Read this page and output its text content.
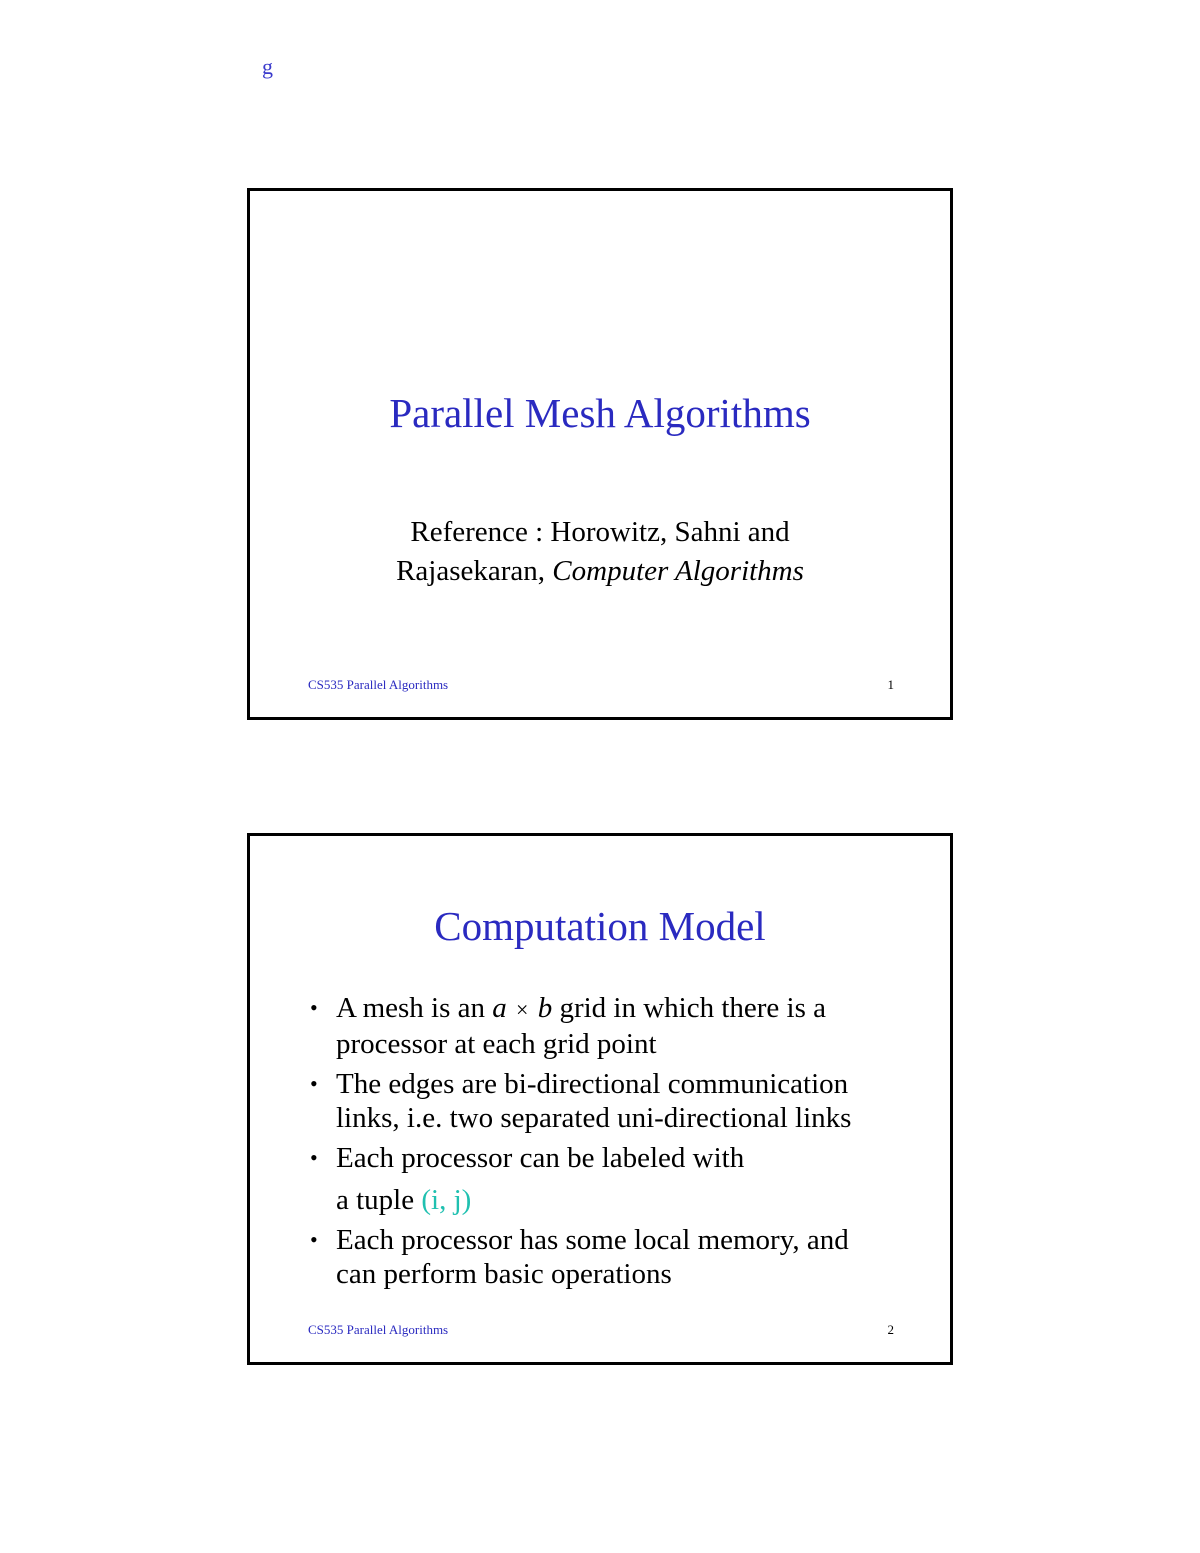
g
Parallel Mesh Algorithms
Reference : Horowitz, Sahni and
Rajasekaran, Computer Algorithms
CS535 Parallel Algorithms	1
Computation Model
• A mesh is an a × b grid in which there is a
processor at each grid point
• The edges are bi-directional communication
links, i.e. two separated uni-directional links
• Each processor can be labeled with
a tuple (i, j)
• Each processor has some local memory, and
can perform basic operations
CS535 Parallel Algorithms	2
